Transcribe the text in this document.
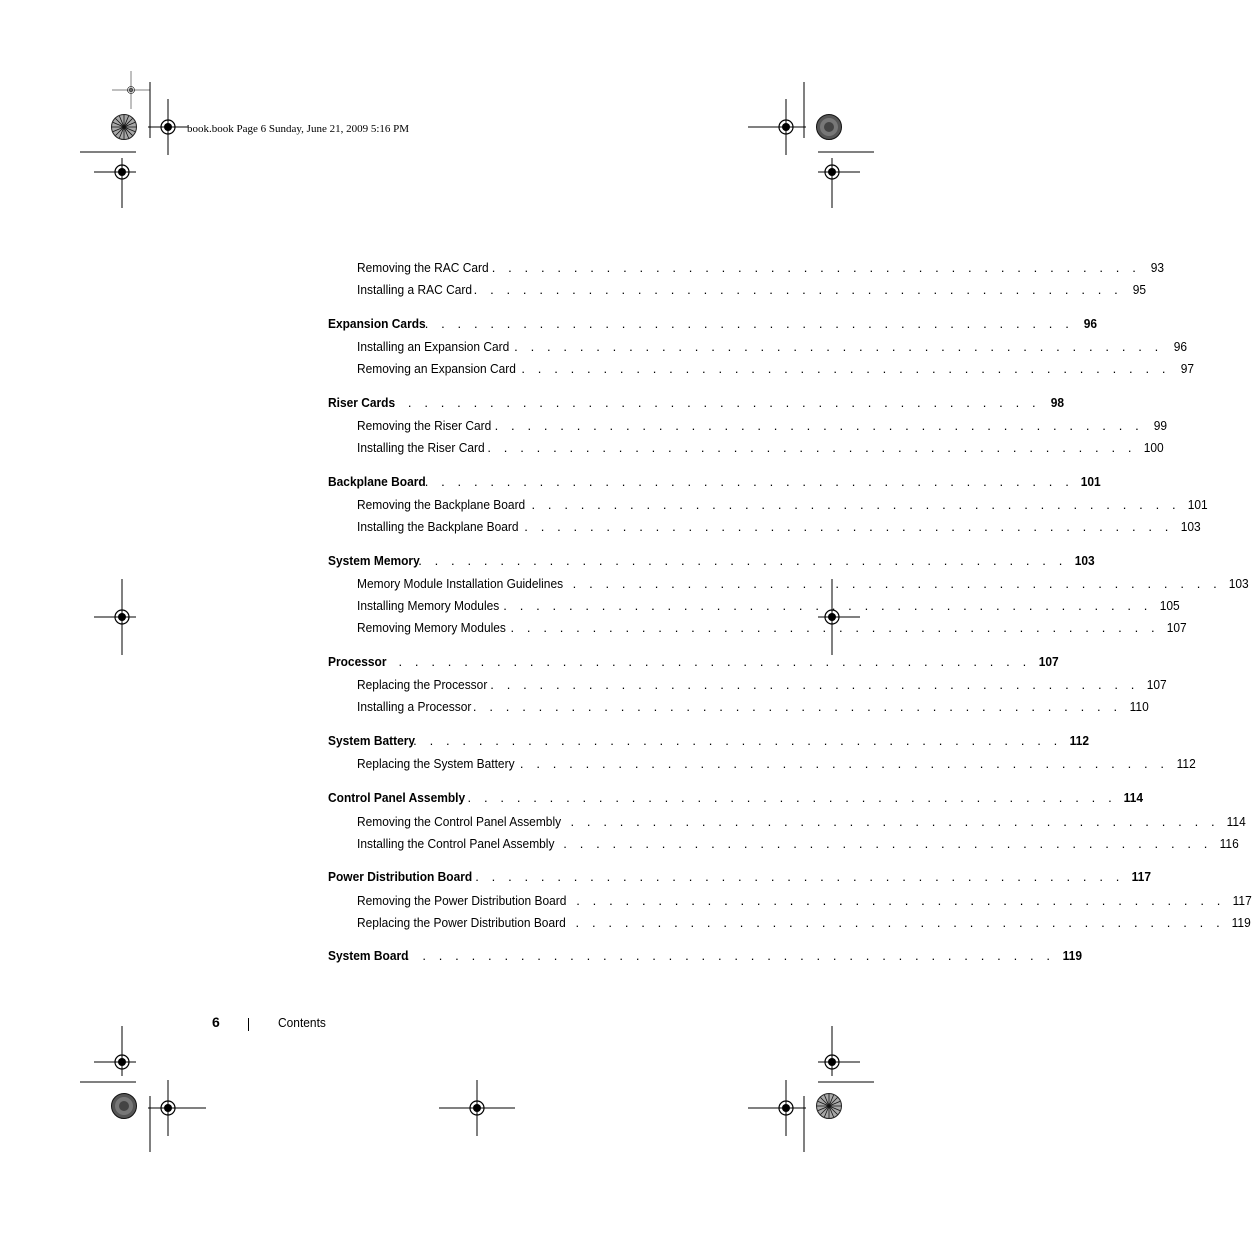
book.book Page 6 Sunday, June 21, 2009 5:16 PM
Removing the RAC Card . . . . . . . . . . . . . . . . . . . . . . . . . . . . . . . . . . . . . . . . 93
Installing a RAC Card . . . . . . . . . . . . . . . . . . . . . . . . . . . . . . . . . . . . . . . . 95
Expansion Cards
. . . . . . . . . . . . . . . . . . . . . . . . . . . . . . . . . . . . . . . . 96
Installing an Expansion Card . . . . . . . . . . . . . . . . . . . . . . . . . . . . . . . . . . . . . . . . 96
Removing an Expansion Card . . . . . . . . . . . . . . . . . . . . . . . . . . . . . . . . . . . . . . . . 97
Riser Cards
. . . . . . . . . . . . . . . . . . . . . . . . . . . . . . . . . . . . . . . . 98
Removing the Riser Card . . . . . . . . . . . . . . . . . . . . . . . . . . . . . . . . . . . . . . . . 99
Installing the Riser Card . . . . . . . . . . . . . . . . . . . . . . . . . . . . . . . . . . . . . . . . 100
Backplane Board
. . . . . . . . . . . . . . . . . . . . . . . . . . . . . . . . . . . . . . . . 101
Removing the Backplane Board . . . . . . . . . . . . . . . . . . . . . . . . . . . . . . . . . . . . . . . . 101
Installing the Backplane Board . . . . . . . . . . . . . . . . . . . . . . . . . . . . . . . . . . . . . . . . 103
System Memory
. . . . . . . . . . . . . . . . . . . . . . . . . . . . . . . . . . . . . . . . 103
Memory Module Installation Guidelines . . . . . . . . . . . . . . . . . . . . . . . . . . . . . . . . . . . . . . . . 103
Installing Memory Modules . . . . . . . . . . . . . . . . . . . . . . . . . . . . . . . . . . . . . . . . 105
Removing Memory Modules . . . . . . . . . . . . . . . . . . . . . . . . . . . . . . . . . . . . . . . . 107
Processor
. . . . . . . . . . . . . . . . . . . . . . . . . . . . . . . . . . . . . . . . 107
Replacing the Processor . . . . . . . . . . . . . . . . . . . . . . . . . . . . . . . . . . . . . . . . 107
Installing a Processor . . . . . . . . . . . . . . . . . . . . . . . . . . . . . . . . . . . . . . . . 110
System Battery
. . . . . . . . . . . . . . . . . . . . . . . . . . . . . . . . . . . . . . . . 112
Replacing the System Battery . . . . . . . . . . . . . . . . . . . . . . . . . . . . . . . . . . . . . . . . 112
Control Panel Assembly . . . . . . . . . . . . . . . . . . . . . . . . . . . . . . . . . . . . . . . . 114
Removing the Control Panel Assembly . . . . . . . . . . . . . . . . . . . . . . . . . . . . . . . . . . . . . . . . 114
Installing the Control Panel Assembly . . . . . . . . . . . . . . . . . . . . . . . . . . . . . . . . . . . . . . . . 116
Power Distribution Board . . . . . . . . . . . . . . . . . . . . . . . . . . . . . . . . . . . . . . . . 117
Removing the Power Distribution Board . . . . . . . . . . . . . . . . . . . . . . . . . . . . . . . . . . . . . . . . 117
Replacing the Power Distribution Board . . . . . . . . . . . . . . . . . . . . . . . . . . . . . . . . . . . . . . . . 119
System Board
. . . . . . . . . . . . . . . . . . . . . . . . . . . . . . . . . . . . . . . . 119
6	Contents
